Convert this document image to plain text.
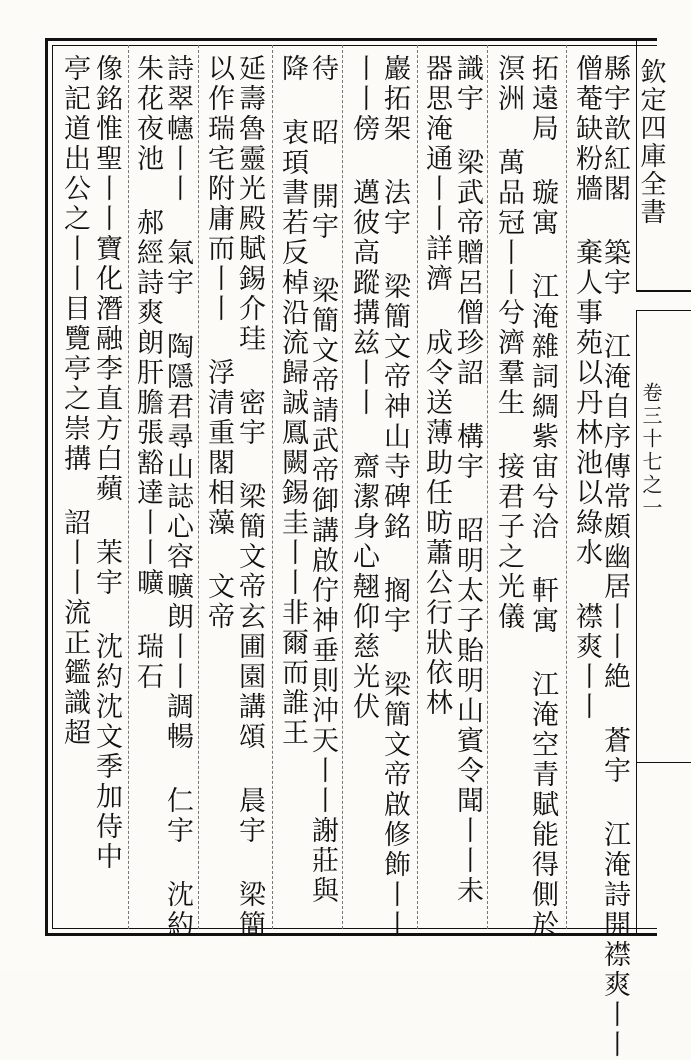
欽定四庫全書
卷三十七之一
縣宇歆紅閣 築宇 江淹自序傳常頗幽居丨丨絶 蒼宇 江淹詩開襟爽丨丨
僧菴缺粉牆 棄人事苑以丹林池以綠水 襟爽丨丨
拓遠局 璇寓 江淹雜詞綢紫宙兮洽 軒寓 江淹空青賦能得側於
溟洲 萬品冠丨丨兮濟羣生 接君子之光儀
識宇 梁武帝贈呂僧珍詔 構宇 昭明太子貽明山賓令聞丨丨未
器思淹通丨丨詳濟 成令送薄助任昉蕭公行狀依林
巖拓架 法宇 梁簡文帝神山寺碑銘 搁宇 梁簡文帝啟修飾丨丨
丨丨傍 邁彼高蹤搆兹丨丨 齋潔身心翹仰慈光伏
待 昭 開宇 梁簡文帝請武帝御講啟佇神垂則沖天丨丨謝莊與
降 衷頊書若反棹沿流歸誠鳳闕錫圭丨丨非爾而誰王
延壽魯靈光殿賦錫介珪 密宇 梁簡文帝玄圃園講頌 晨宇 梁簡
以作瑞宅附庸而丨丨 浮清重閣相藻 文帝
詩翠幰丨丨 氣宇 陶隱君尋山誌心容曠朗丨丨調暢 仁宇 沈約
朱花夜池 郝經詩爽朗肝膽張豁達丨丨曠 瑞石
像銘惟聖丨丨寶化潛融李直方白蘋 茉宇 沈約沈文季加侍中
亭記道出公之丨丨目覽亭之崇搆 詔丨丨流正鑑識超
